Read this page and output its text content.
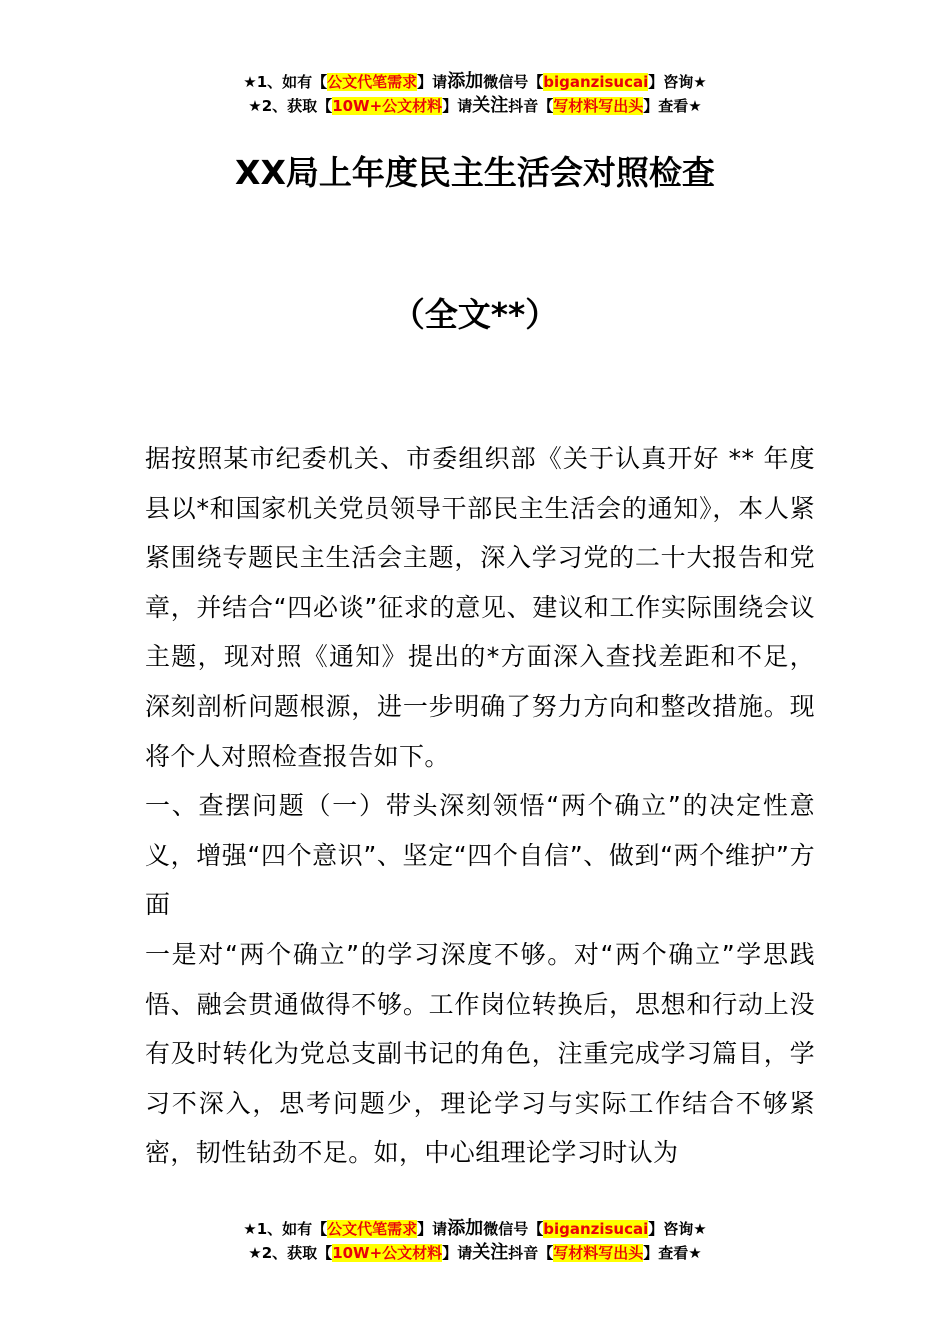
★1、如有【公文代笔需求】请添加微信号【biganzisucai】咨询★
★2、获取【10W+公文材料】请关注抖音【写材料写出头】查看★
XX局上年度民主生活会对照检查
（全文**）

据按照某市纪委机关、市委组织部《关于认真开好 ** 年度县以*和国家机关党员领导干部民主生活会的通知》，本人紧紧围绕专题民主生活会主题，深入学习党的二十大报告和党章，并结合“四必谈”征求的意见、建议和工作实际围绕会议主题，现对照《通知》提出的*方面深入查找差距和不足，深刻剖析问题根源，进一步明确了努力方向和整改措施。现将个人对照检查报告如下。

一、查摆问题（一）带头深刻领悟“两个确立”的决定性意义，增强“四个意识”、坚定“四个自信”、做到“两个维护”方面

一是对“两个确立”的学习深度不够。对“两个确立”学思践悟、融会贯通做得不够。工作岗位转换后，思想和行动上没有及时转化为党总支副书记的角色，注重完成学习篇目，学习不深入，思考问题少，理论学习与实际工作结合不够紧密，韧性钻劲不足。如，中心组理论学习时认为

★1、如有【公文代笔需求】请添加微信号【biganzisucai】咨询★
★2、获取【10W+公文材料】请关注抖音【写材料写出头】查看★
